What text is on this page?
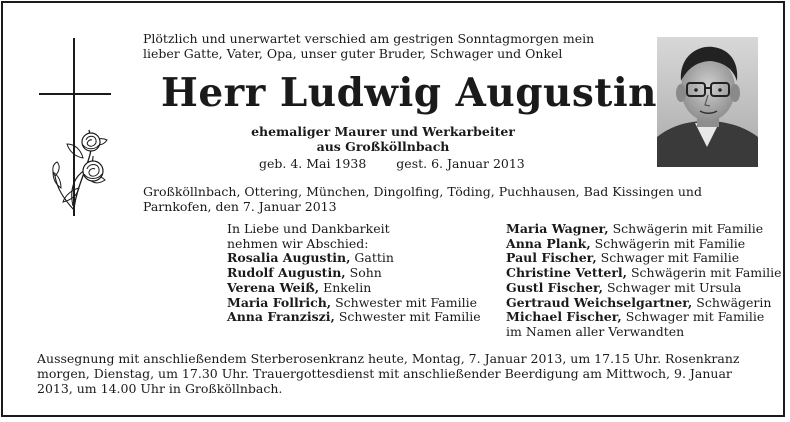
Plötzlich und unerwartet verschied am gestrigen Sonntagmorgen mein lieber Gatte, Vater, Opa, unser guter Bruder, Schwager und Onkel
Herr Ludwig Augustin
ehemaliger Maurer und Werkarbeiter
aus Großköllnbach
geb. 4. Mai 1938 gest. 6. Januar 2013
Großköllnbach, Ottering, München, Dingolfing, Töding, Puchhausen, Bad Kissingen und Parnkofen, den 7. Januar 2013
In Liebe und Dankbarkeit
nehmen wir Abschied:
Rosalia Augustin, Gattin
Rudolf Augustin, Sohn
Verena Weiß, Enkelin
Maria Follrich, Schwester mit Familie
Anna Franziszi, Schwester mit Familie
Maria Wagner, Schwägerin mit Familie
Anna Plank, Schwägerin mit Familie
Paul Fischer, Schwager mit Familie
Christine Vetterl, Schwägerin mit Familie
Gustl Fischer, Schwager mit Ursula
Gertraud Weichselgartner, Schwägerin
Michael Fischer, Schwager mit Familie
im Namen aller Verwandten
Aussegnung mit anschließendem Sterberosenkranz heute, Montag, 7. Januar 2013, um 17.15 Uhr. Rosenkranz morgen, Dienstag, um 17.30 Uhr. Trauergottesdienst mit anschließender Beerdigung am Mittwoch, 9. Januar 2013, um 14.00 Uhr in Großköllnbach.
